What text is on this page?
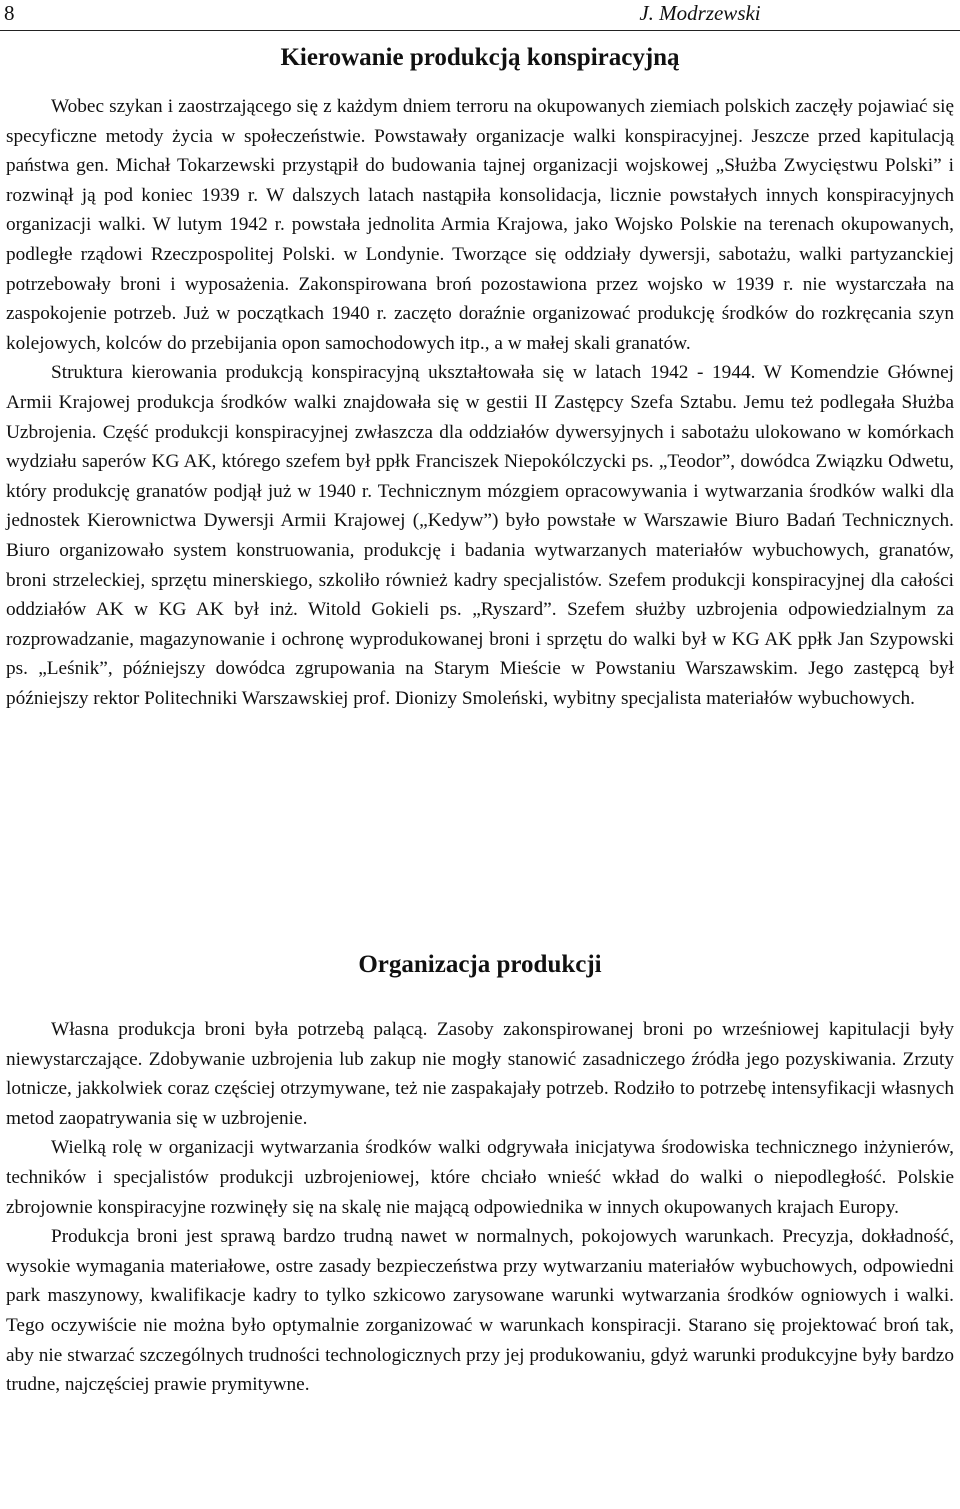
8	J. Modrzewski
Kierowanie produkcją konspiracyjną

Wobec szykan i zaostrzającego się z każdym dniem terroru na okupowanych ziemiach polskich zaczęły pojawiać się specyficzne metody życia w społeczeństwie. Powstawały organizacje walki konspiracyjnej. Jeszcze przed kapitulacją państwa gen. Michał Tokarzewski przystąpił do budowania tajnej organizacji wojskowej „Służba Zwycięstwu Polski” i rozwinął ją pod koniec 1939 r. W dalszych latach nastąpiła konsolidacja, licznie powstałych innych konspiracyjnych organizacji walki. W lutym 1942 r. powstała jednolita Armia Krajowa, jako Wojsko Polskie na terenach okupowanych, podległe rządowi Rzeczpospolitej Polski. w Londynie. Tworzące się oddziały dywersji, sabotażu, walki partyzanckiej potrzebowały broni i wyposażenia. Zakonspirowana broń pozostawiona przez wojsko w 1939 r. nie wystarczała na zaspokojenie potrzeb. Już w początkach 1940 r. zaczęto doraźnie organizować produkcję środków do rozkręcania szyn kolejowych, kolców do przebijania opon samochodowych itp., a w małej skali granatów.

Struktura kierowania produkcją konspiracyjną ukształtowała się w latach 1942 - 1944. W Komendzie Głównej Armii Krajowej produkcja środków walki znajdowała się w gestii II Zastępcy Szefa Sztabu. Jemu też podlegała Służba Uzbrojenia. Część produkcji konspiracyjnej zwłaszcza dla oddziałów dywersyjnych i sabotażu ulokowano w komórkach wydziału saperów KG AK, którego szefem był ppłk Franciszek Niepokólczycki ps. „Teodor”, dowódca Związku Odwetu, który produkcję granatów podjął już w 1940 r. Technicznym mózgiem opracowywania i wytwarzania środków walki dla jednostek Kierownictwa Dywersji Armii Krajowej („Kedyw”) było powstałe w Warszawie Biuro Badań Technicznych. Biuro organizowało system konstruowania, produkcję i badania wytwarzanych materiałów wybuchowych, granatów, broni strzeleckiej, sprzętu minerskiego, szkoliło również kadry specjalistów. Szefem produkcji konspiracyjnej dla całości oddziałów AK w KG AK był inż. Witold Gokieli ps. „Ryszard”. Szefem służby uzbrojenia odpowiedzialnym za rozprowadzanie, magazynowanie i ochronę wyprodukowanej broni i sprzętu do walki był w KG AK ppłk Jan Szypowski ps. „Leśnik”, późniejszy dowódca zgrupowania na Starym Mieście w Powstaniu Warszawskim. Jego zastępcą był późniejszy rektor Politechniki Warszawskiej prof. Dionizy Smoleński, wybitny specjalista materiałów wybuchowych.

Organizacja produkcji

Własna produkcja broni była potrzebą palącą. Zasoby zakonspirowanej broni po wrześniowej kapitulacji były niewystarczające. Zdobywanie uzbrojenia lub zakup nie mogły stanowić zasadniczego źródła jego pozyskiwania. Zrzuty lotnicze, jakkolwiek coraz częściej otrzymywane, też nie zaspakajały potrzeb. Rodziło to potrzebę intensyfikacji własnych metod zaopatrywania się w uzbrojenie.

Wielką rolę w organizacji wytwarzania środków walki odgrywała inicjatywa środowiska technicznego inżynierów, techników i specjalistów produkcji uzbrojeniowej, które chciało wnieść wkład do walki o niepodległość. Polskie zbrojownie konspiracyjne rozwinęły się na skalę nie mającą odpowiednika w innych okupowanych krajach Europy.

Produkcja broni jest sprawą bardzo trudną nawet w normalnych, pokojowych warunkach. Precyzja, dokładność, wysokie wymagania materiałowe, ostre zasady bezpieczeństwa przy wytwarzaniu materiałów wybuchowych, odpowiedni park maszynowy, kwalifikacje kadry to tylko szkicowo zarysowane warunki wytwarzania środków ogniowych i walki. Tego oczywiście nie można było optymalnie zorganizować w warunkach konspiracji. Starano się projektować broń tak, aby nie stwarzać szczególnych trudności technologicznych przy jej produkowaniu, gdyż warunki produkcyjne były bardzo trudne, najczęściej prawie prymitywne.
